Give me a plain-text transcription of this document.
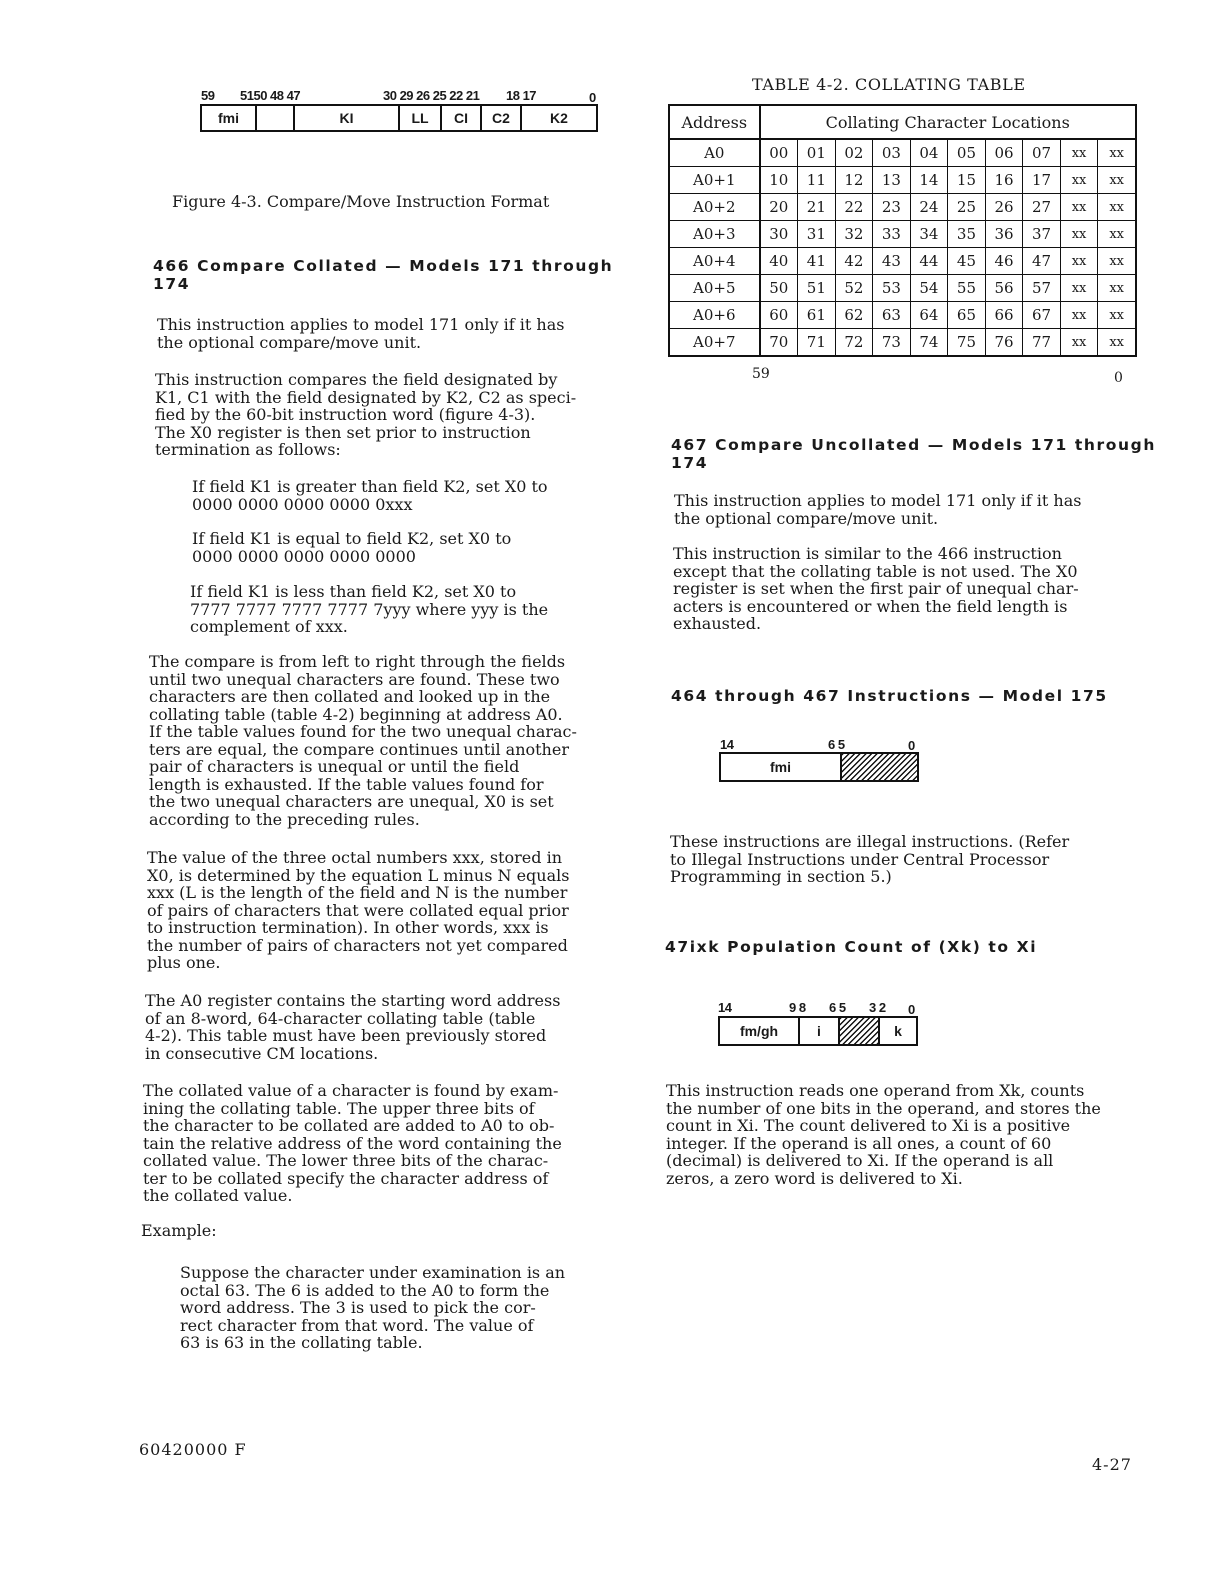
59 5150 48 47	30 29 26 25 22 21 18 17	0
fmi	KI	LL	CI	C2	K2

Figure 4-3. Compare/Move Instruction Format

466 Compare Collated — Models 171 through
174

This instruction applies to model 171 only if it has
the optional compare/move unit.

This instruction compares the field designated by
K1, C1 with the field designated by K2, C2 as speci-
fied by the 60-bit instruction word (figure 4-3).
The X0 register is then set prior to instruction
termination as follows:

If field K1 is greater than field K2, set X0 to
0000 0000 0000 0000 0xxx

If field K1 is equal to field K2, set X0 to
0000 0000 0000 0000 0000

If field K1 is less than field K2, set X0 to
7777 7777 7777 7777 7yyy where yyy is the
complement of xxx.

The compare is from left to right through the fields
until two unequal characters are found. These two
characters are then collated and looked up in the
collating table (table 4-2) beginning at address A0.
If the table values found for the two unequal charac-
ters are equal, the compare continues until another
pair of characters is unequal or until the field
length is exhausted. If the table values found for
the two unequal characters are unequal, X0 is set
according to the preceding rules.

The value of the three octal numbers xxx, stored in
X0, is determined by the equation L minus N equals
xxx (L is the length of the field and N is the number
of pairs of characters that were collated equal prior
to instruction termination). In other words, xxx is
the number of pairs of characters not yet compared
plus one.

The A0 register contains the starting word address
of an 8-word, 64-character collating table (table
4-2). This table must have been previously stored
in consecutive CM locations.

The collated value of a character is found by exam-
ining the collating table. The upper three bits of
the character to be collated are added to A0 to ob-
tain the relative address of the word containing the
collated value. The lower three bits of the charac-
ter to be collated specify the character address of
the collated value.

Example:

Suppose the character under examination is an
octal 63. The 6 is added to the A0 to form the
word address. The 3 is used to pick the cor-
rect character from that word. The value of
63 is 63 in the collating table.

TABLE 4-2. COLLATING TABLE

Address	Collating Character Locations									
A0	00	01	02	03	04	05	06	07	xx	xx
A0+1	10	11	12	13	14	15	16	17	xx	xx
A0+2	20	21	22	23	24	25	26	27	xx	xx
A0+3	30	31	32	33	34	35	36	37	xx	xx
A0+4	40	41	42	43	44	45	46	47	xx	xx
A0+5	50	51	52	53	54	55	56	57	xx	xx
A0+6	60	61	62	63	64	65	66	67	xx	xx
A0+7	70	71	72	73	74	75	76	77	xx	xx
59	0
467 Compare Uncollated — Models 171 through
174

This instruction applies to model 171 only if it has
the optional compare/move unit.

This instruction is similar to the 466 instruction
except that the collating table is not used. The X0
register is set when the first pair of unequal char-
acters is encountered or when the field length is
exhausted.

464 through 467 Instructions — Model 175
14	6 5	0
fmi

These instructions are illegal instructions. (Refer
to Illegal Instructions under Central Processor
Programming in section 5.)

47ixk Population Count of (Xk) to Xi
14	9 8 6 5 3 2 0
fm/gh	i	k

This instruction reads one operand from Xk, counts
the number of one bits in the operand, and stores the
count in Xi. The count delivered to Xi is a positive
integer. If the operand is all ones, a count of 60
(decimal) is delivered to Xi. If the operand is all
zeros, a zero word is delivered to Xi.

60420000 F
4-27
